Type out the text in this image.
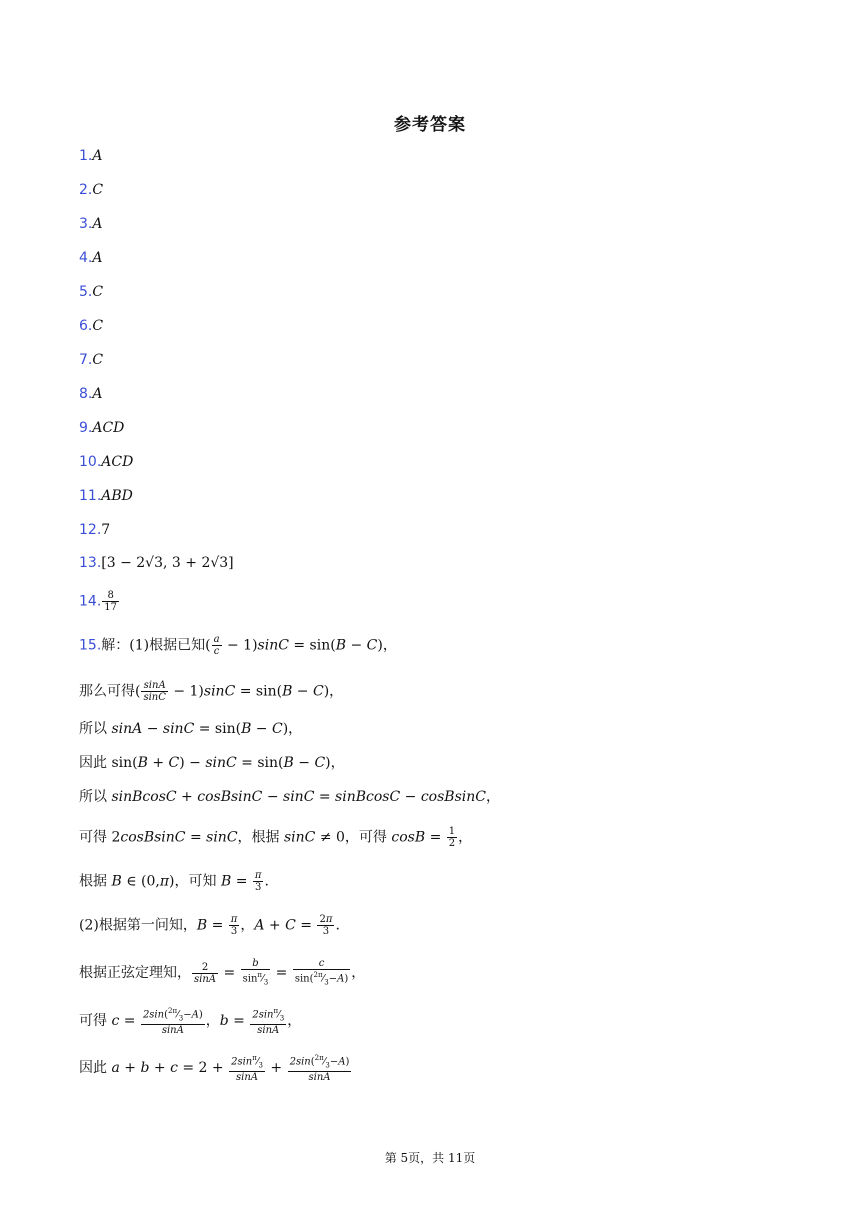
参考答案
1.A
2.C
3.A
4.A
5.C
6.C
7.C
8.A
9.ACD
10.ACD
11.ABD
12.7
13.[3 − 2√3, 3 + 2√3]
14. $\frac{8}{17}$
15.解：(1)根据已知( $\frac{a}{c} - 1)\sin C = \sin(B - C)$，
那么可得( $\frac{\sin A}{\sin C} - 1)\sin C = \sin(B - C)$，
所以 sinA − sinC = sin(B − C)，
因此 sin(B + C) − sinC = sin(B − C)，
所以 sinBcosC + cosBsinC − sinC = sinBcosC − cosBsinC，
可得 2cosBsinC = sinC，根据 sinC ≠ 0，可得 $\cos B = \frac{1}{2}$ ，
根据 B ∈ (0,π)，可知 $B = \frac{\pi}{3}$ .
(2)根据第一问知，$B = \frac{\pi}{3}$ ，$A + C = \frac{2\pi}{3}$ .
根据正弦定理知， $\frac{2}{\sin A} = \frac{b}{\sin^\pi⁄_3} = \frac{c}{\sin(^{2\pi}⁄_3-A)}$ ，
可得 $c = \frac{2\sin(^{2\pi}⁄_3-A)}{\sin A}$ ，$b = \frac{2\sin^\pi⁄_3}{\sin A}$ ，
因此 $a + b + c = 2 + \frac{2\sin^\pi⁄_3}{\sin A} + \frac{2\sin(^{2\pi}⁄_3-A)}{\sin A}$
第 5页，共 11页
